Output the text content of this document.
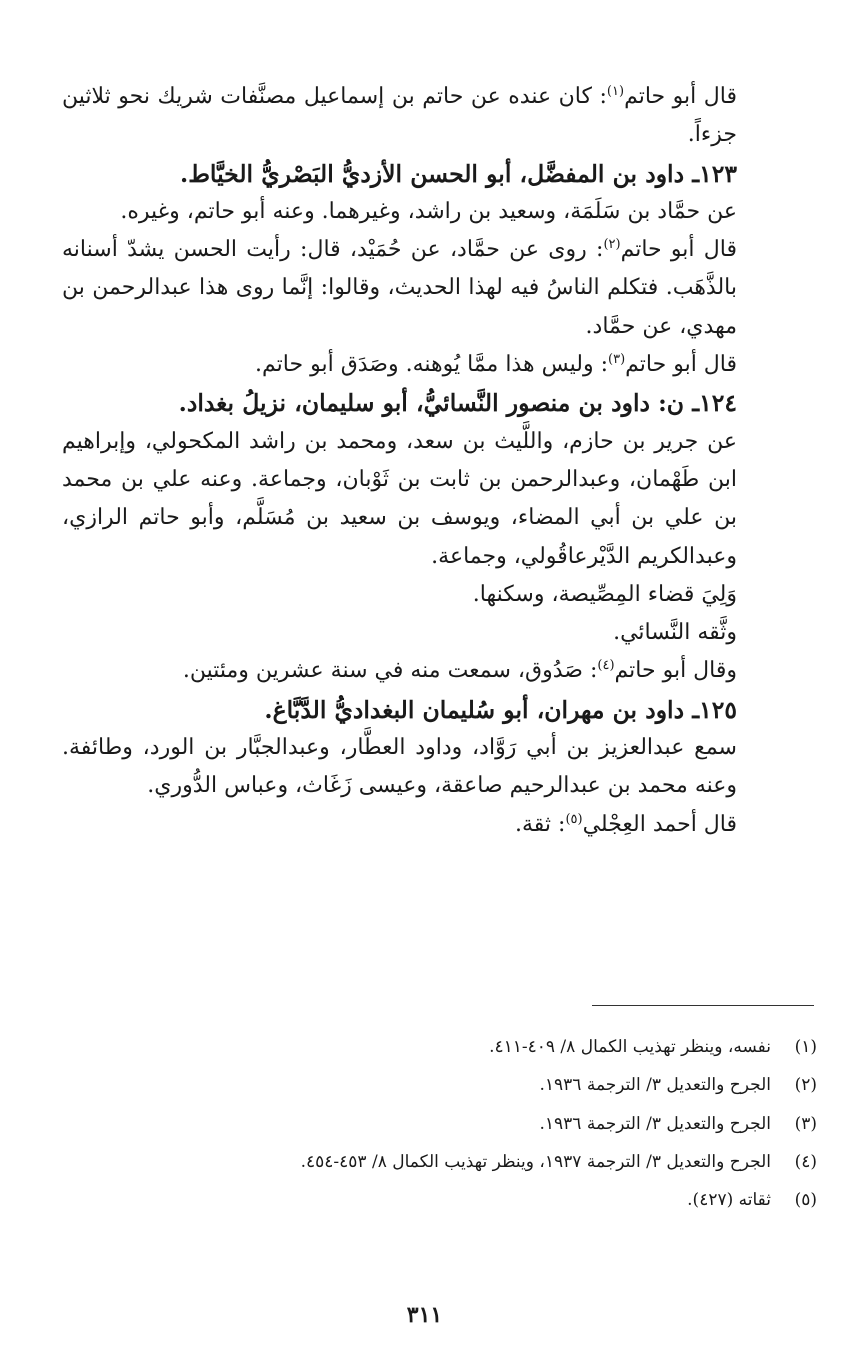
قال أبو حاتم$^{(١)}$: كان عنده عن حاتم بن إسماعيل مصنَّفات شريك نحو ثلاثين جزءاً.

١٢٣ـ داود بن المفضَّل، أبو الحسن الأزديُّ البَصْريُّ الخيَّاط.

عن حمَّاد بن سَلَمَة، وسعيد بن راشد، وغيرهما. وعنه أبو حاتم، وغيره.

قال أبو حاتم$^{(٢)}$: روى عن حمَّاد، عن حُمَيْد، قال: رأيت الحسن يشدّ أسنانه بالذَّهَب. فتكلم الناسُ فيه لهذا الحديث، وقالوا: إنَّما روى هذا عبدالرحمن بن مهدي، عن حمَّاد.

قال أبو حاتم$^{(٣)}$: وليس هذا ممَّا يُوهنه. وصَدَق أبو حاتم.

١٢٤ـ ن: داود بن منصور النَّسائيُّ، أبو سليمان، نزيلُ بغداد.

عن جرير بن حازم، واللَّيث بن سعد، ومحمد بن راشد المكحولي، وإبراهيم ابن طَهْمان، وعبدالرحمن بن ثابت بن ثَوْبان، وجماعة. وعنه علي بن محمد بن علي بن أبي المضاء، ويوسف بن سعيد بن مُسَلَّم، وأبو حاتم الرازي، وعبدالكريم الدَّيْرعاقُولي، وجماعة.

وَلِيَ قضاء المِصِّيصة، وسكنها.

وثَّقه النَّسائي.

وقال أبو حاتم$^{(٤)}$: صَدُوق، سمعت منه في سنة عشرين ومئتين.

١٢٥ـ داود بن مهران، أبو سُليمان البغداديُّ الدَّبَّاغ.

سمع عبدالعزيز بن أبي رَوَّاد، وداود العطَّار، وعبدالجبَّار بن الورد، وطائفة. وعنه محمد بن عبدالرحيم صاعقة، وعيسى زَغَاث، وعباس الدُّوري.

قال أحمد العِجْلي$^{(٥)}$: ثقة.

(١)نفسه، وينظر تهذيب الكمال ٨/ ٤٠٩-٤١١.
(٢)الجرح والتعديل ٣/ الترجمة ١٩٣٦.
(٣)الجرح والتعديل ٣/ الترجمة ١٩٣٦.
(٤)الجرح والتعديل ٣/ الترجمة ١٩٣٧، وينظر تهذيب الكمال ٨/ ٤٥٣-٤٥٤.
(٥)ثقاته (٤٢٧).
٣١١
